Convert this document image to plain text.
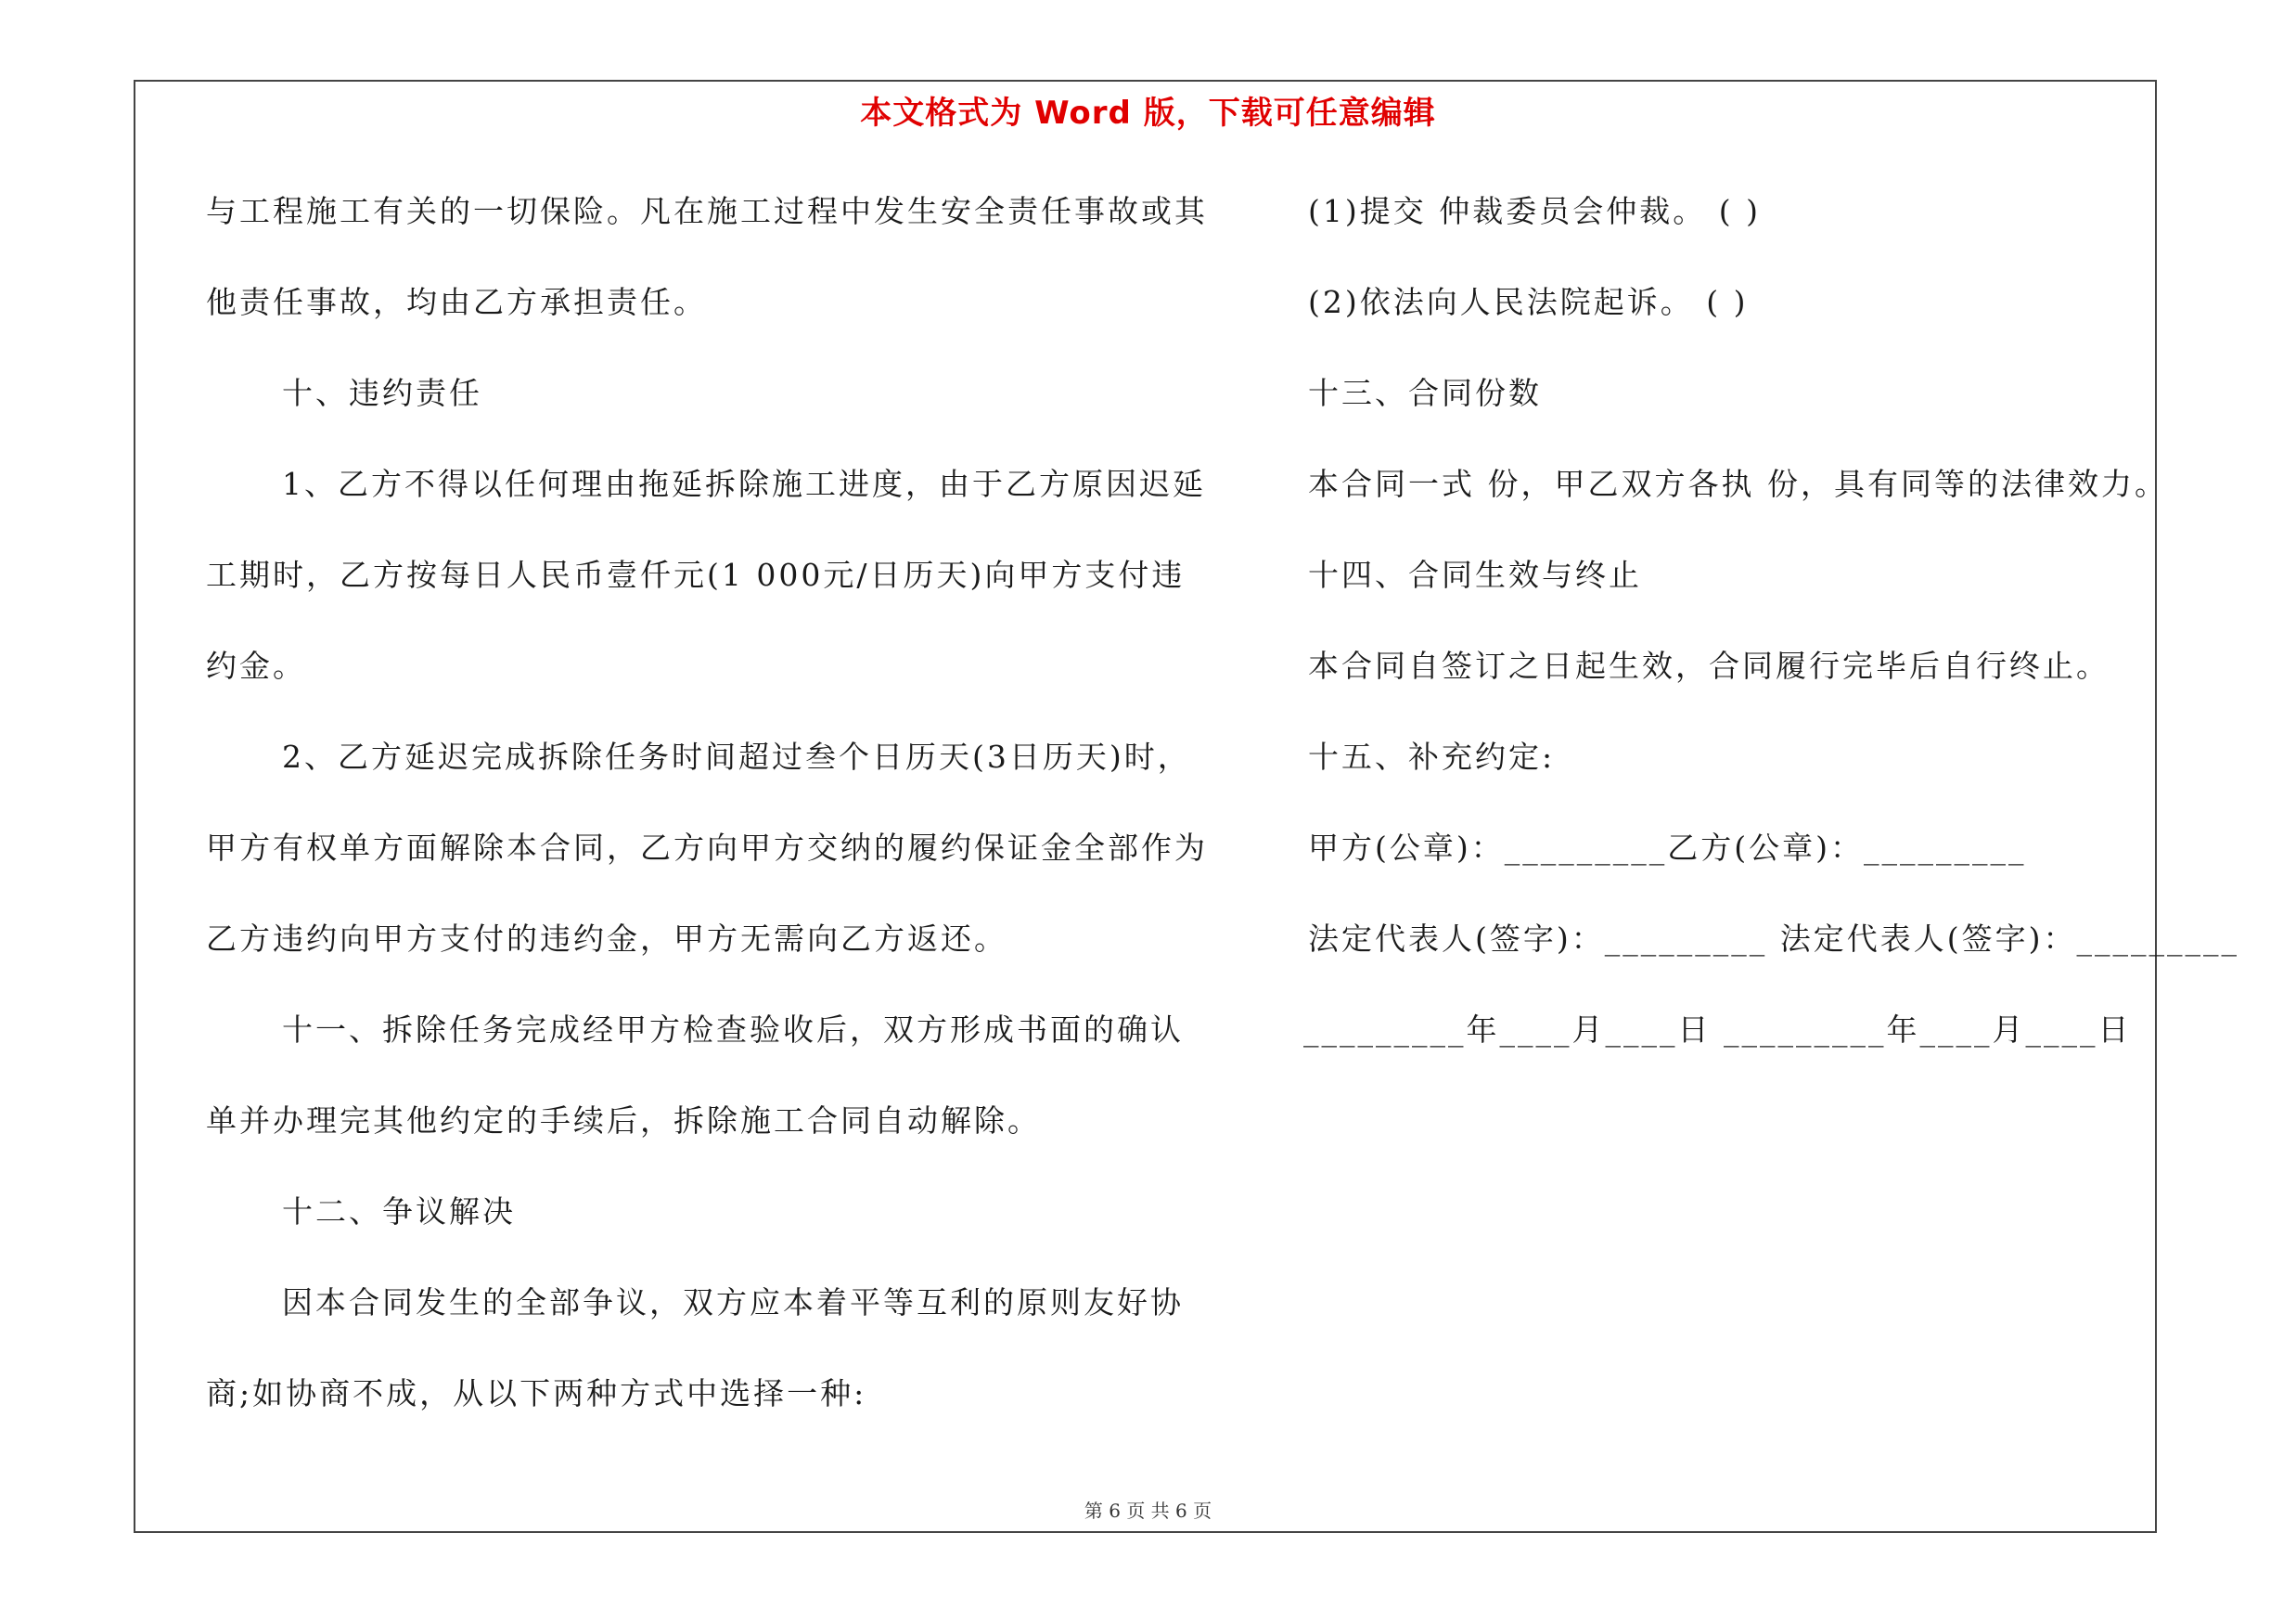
本文格式为 Word 版，下载可任意编辑
与工程施工有关的一切保险。凡在施工过程中发生安全责任事故或其
他责任事故，均由乙方承担责任。
十、违约责任
1、乙方不得以任何理由拖延拆除施工进度，由于乙方原因迟延
工期时，乙方按每日人民币壹仟元(1 000元/日历天)向甲方支付违
约金。
2、乙方延迟完成拆除任务时间超过叁个日历天(3日历天)时，
甲方有权单方面解除本合同，乙方向甲方交纳的履约保证金全部作为
乙方违约向甲方支付的违约金，甲方无需向乙方返还。
十一、拆除任务完成经甲方检查验收后，双方形成书面的确认
单并办理完其他约定的手续后，拆除施工合同自动解除。
十二、争议解决
因本合同发生的全部争议，双方应本着平等互利的原则友好协
商;如协商不成，从以下两种方式中选择一种:
(1)提交 仲裁委员会仲裁。 ( )
(2)依法向人民法院起诉。 ( )
十三、合同份数
本合同一式 份，甲乙双方各执 份，具有同等的法律效力。
十四、合同生效与终止
本合同自签订之日起生效，合同履行完毕后自行终止。
十五、补充约定:
甲方(公章)：_________乙方(公章)：_________
法定代表人(签字)：_________ 法定代表人(签字)：_________
_________年____月____日 _________年____月____日
第 6 页 共 6 页
